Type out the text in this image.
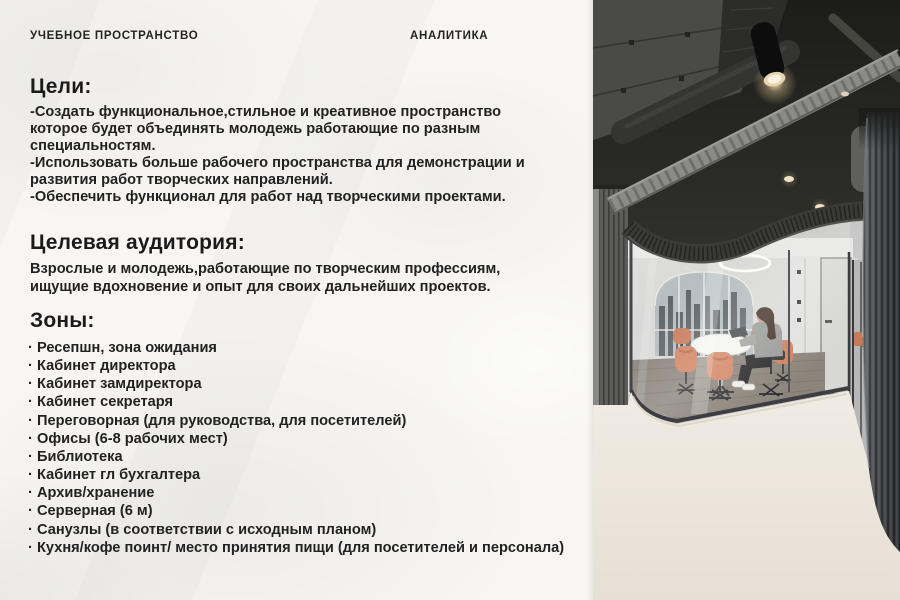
УЧЕБНОЕ ПРОСТРАНСТВО	АНАЛИТИКА
Цели:
-Создать функциональное,стильное и креативное пространство
которое будет объединять молодежь работающие по разным
специальностям.
-Использовать больше рабочего пространства для демонстрации и
развития работ творческих направлений.
-Обеспечить функционал для работ над творческими проектами.
Целевая аудитория:
Взрослые и молодежь,работающие по творческим профессиям,
ищущие вдохновение и опыт для своих дальнейших проектов.
Зоны:
· Ресепшн, зона ожидания
· Кабинет директора
· Кабинет замдиректора
· Кабинет секретаря
· Переговорная (для руководства, для посетителей)
· Офисы (6-8 рабочих мест)
· Библиотека
· Кабинет гл бухгалтера
· Архив/хранение
· Серверная (6 м)
· Санузлы (в соответствии с исходным планом)
· Кухня/кофе поинт/ место принятия пищи (для посетителей и персонала)
